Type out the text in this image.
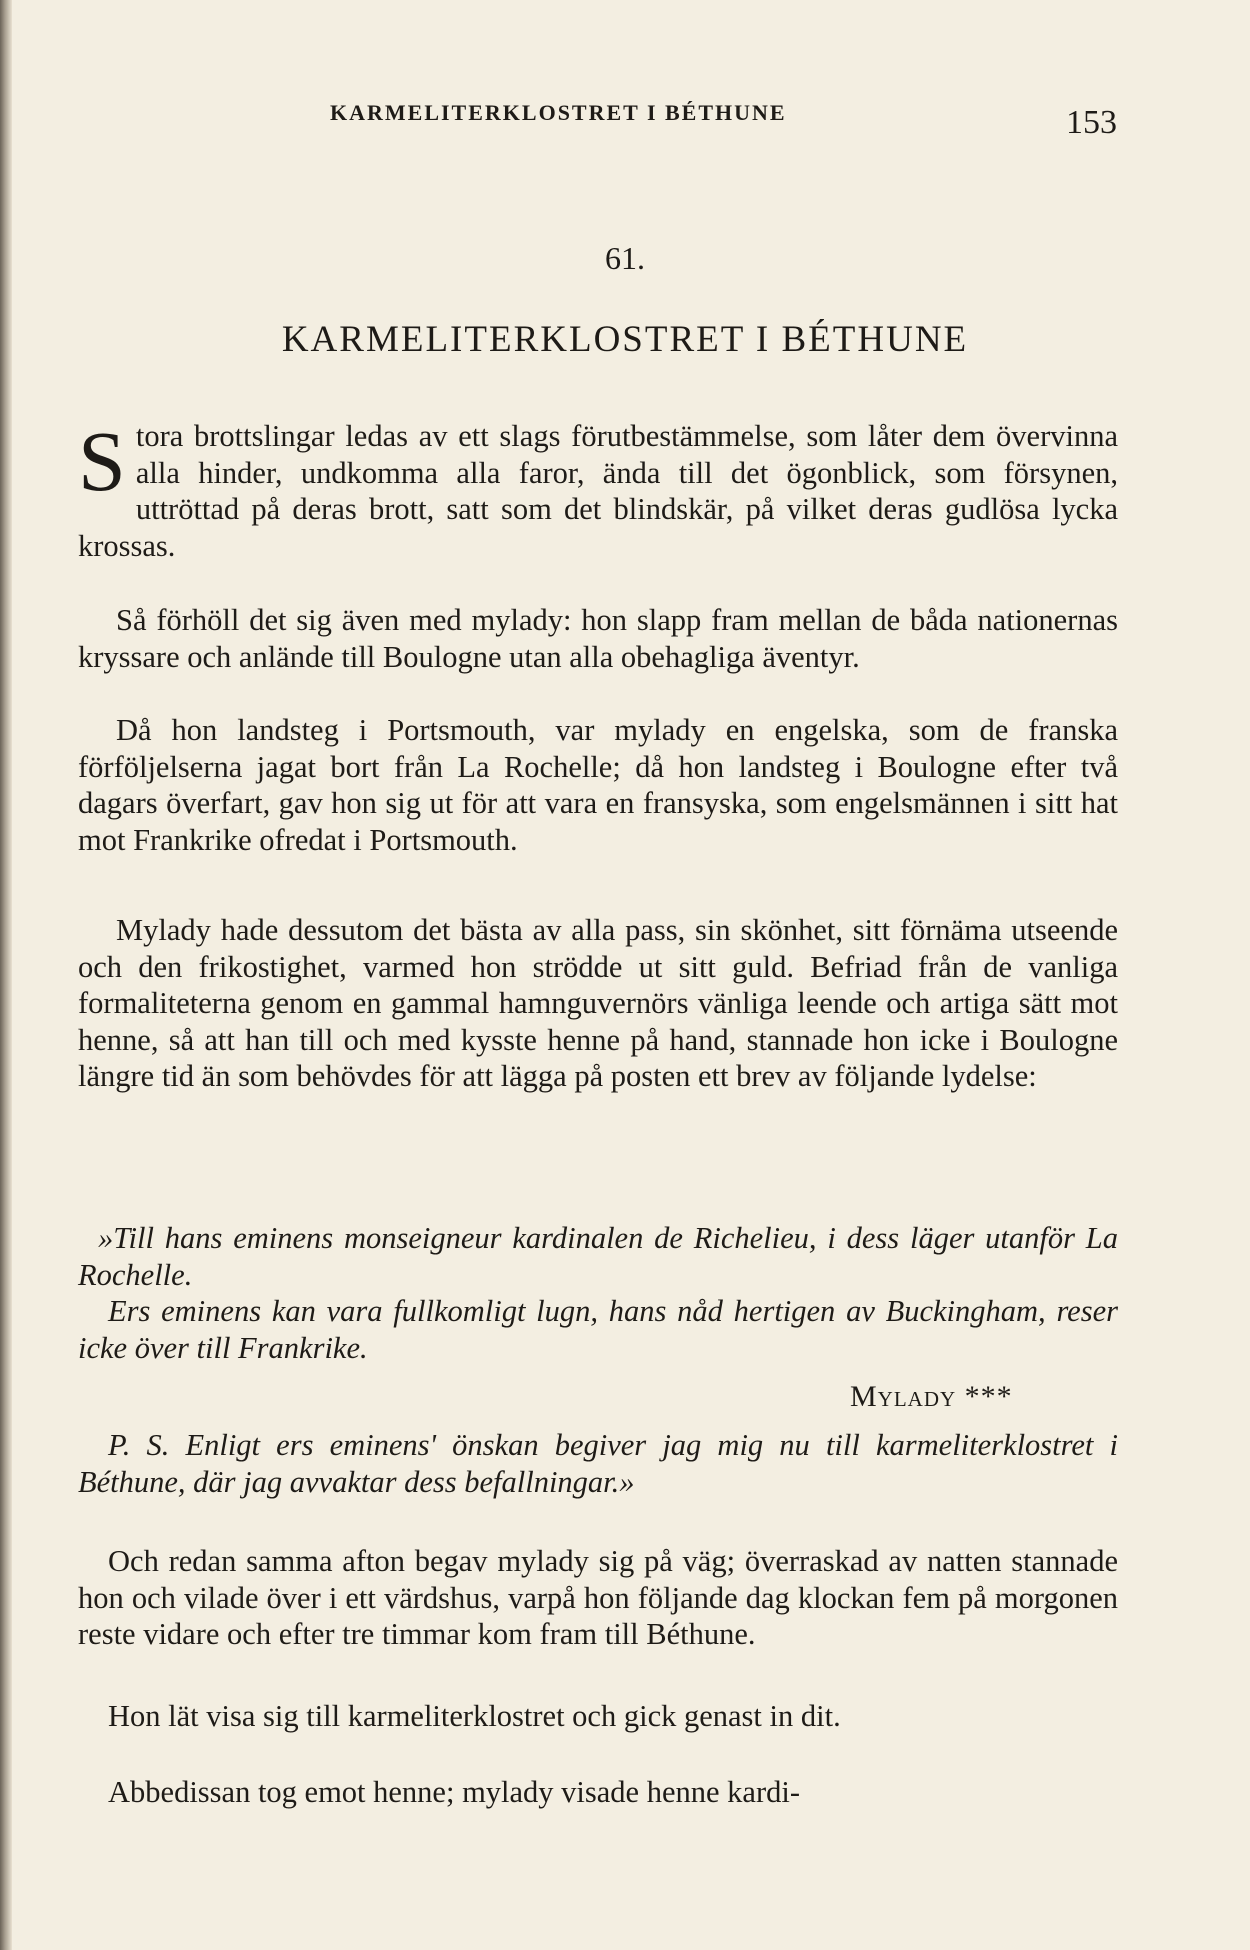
KARMELITERKLOSTRET I BÉTHUNE	153
61.
KARMELITERKLOSTRET I BÉTHUNE

Stora brottslingar ledas av ett slags förutbestämmelse, som låter dem övervinna alla hinder, undkomma alla faror, ända till det ögonblick, som försynen, uttröttad på deras brott, satt som det blindskär, på vilket deras gudlösa lycka krossas.

Så förhöll det sig även med mylady: hon slapp fram mellan de båda nationernas kryssare och anlände till Boulogne utan alla obehagliga äventyr.

Då hon landsteg i Portsmouth, var mylady en engelska, som de franska förföljelserna jagat bort från La Rochelle; då hon landsteg i Boulogne efter två dagars överfart, gav hon sig ut för att vara en fransyska, som engelsmännen i sitt hat mot Frankrike ofredat i Portsmouth.

Mylady hade dessutom det bästa av alla pass, sin skönhet, sitt förnäma utseende och den frikostighet, varmed hon strödde ut sitt guld. Befriad från de vanliga formaliteterna genom en gammal hamnguvernörs vänliga leende och artiga sätt mot henne, så att han till och med kysste henne på hand, stannade hon icke i Boulogne längre tid än som behövdes för att lägga på posten ett brev av följande lydelse:

»Till hans eminens monseigneur kardinalen de Richelieu, i dess läger utanför La Rochelle.

Ers eminens kan vara fullkomligt lugn, hans nåd hertigen av Buckingham, reser icke över till Frankrike.

Mylady ***

P. S. Enligt ers eminens' önskan begiver jag mig nu till karmeliterklostret i Béthune, där jag avvaktar dess befallningar.»

Och redan samma afton begav mylady sig på väg; överraskad av natten stannade hon och vilade över i ett värdshus, varpå hon följande dag klockan fem på morgonen reste vidare och efter tre timmar kom fram till Béthune.

Hon lät visa sig till karmeliterklostret och gick genast in dit.

Abbedissan tog emot henne; mylady visade henne kardi-
